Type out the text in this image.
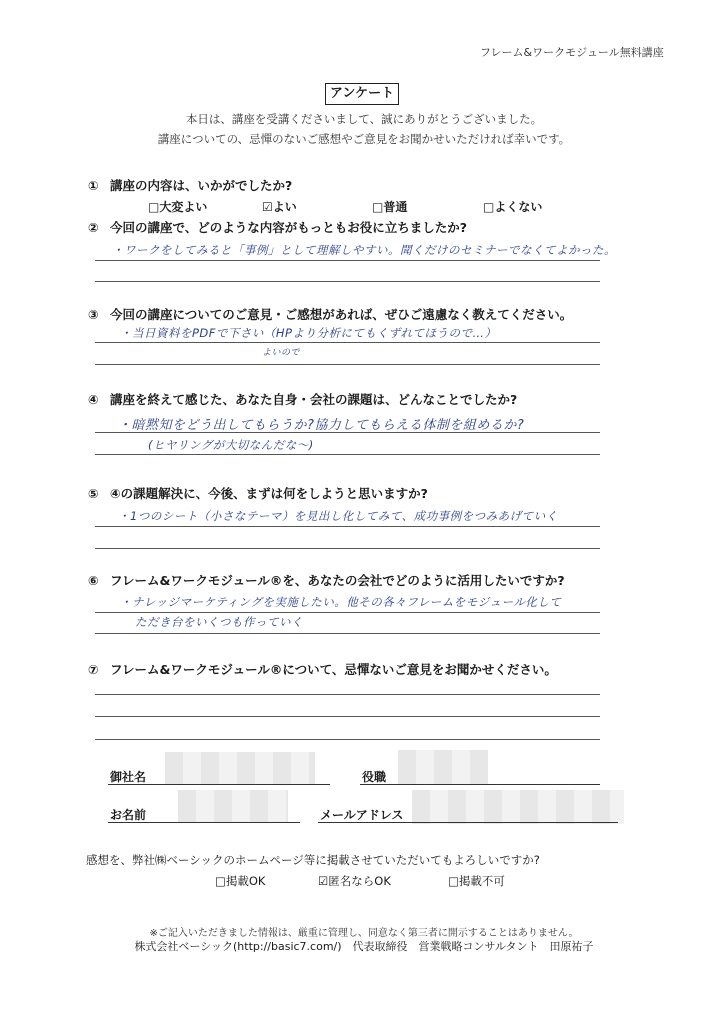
フレーム&ワークモジュール無料講座
アンケート
本日は、講座を受講くださいまして、誠にありがとうございました。
講座についての、忌憚のないご感想やご意見をお聞かせいただければ幸いです。
① 講座の内容は、いかがでしたか?
□大変よい	☑よい	□普通	□よくない
② 今回の講座で、どのような内容がもっともお役に立ちましたか?
・ワークをしてみると「事例」として理解しやすい。聞くだけのセミナーでなくてよかった。
③ 今回の講座についてのご意見・ご感想があれば、ぜひご遠慮なく教えてください。
・当日資料をPDFで下さい（HPより分析にてもくずれてほうので…）
よいので
④ 講座を終えて感じた、あなた自身・会社の課題は、どんなことでしたか?
・暗黙知をどう出してもらうか?協力してもらえる体制を組めるか?
(ヒヤリングが大切なんだな〜)
⑤ ④の課題解決に、今後、まずは何をしようと思いますか?
・1つのシート（小さなテーマ）を見出し化してみて、成功事例をつみあげていく
⑥ フレーム&ワークモジュール®を、あなたの会社でどのように活用したいですか?
・ナレッジマーケティングを実施したい。他その各々フレームをモジュール化して
ただき台をいくつも作っていく
⑦ フレーム&ワークモジュール®について、忌憚ないご意見をお聞かせください。
御社名	役職
お名前	メールアドレス
感想を、弊社㈱ベーシックのホームページ等に掲載させていただいてもよろしいですか?
□掲載OK	☑匿名ならOK	□掲載不可
※ご記入いただきました情報は、厳重に管理し、同意なく第三者に開示することはありません。
株式会社ベーシック(http://basic7.com/)　代表取締役　営業戦略コンサルタント　田原祐子
